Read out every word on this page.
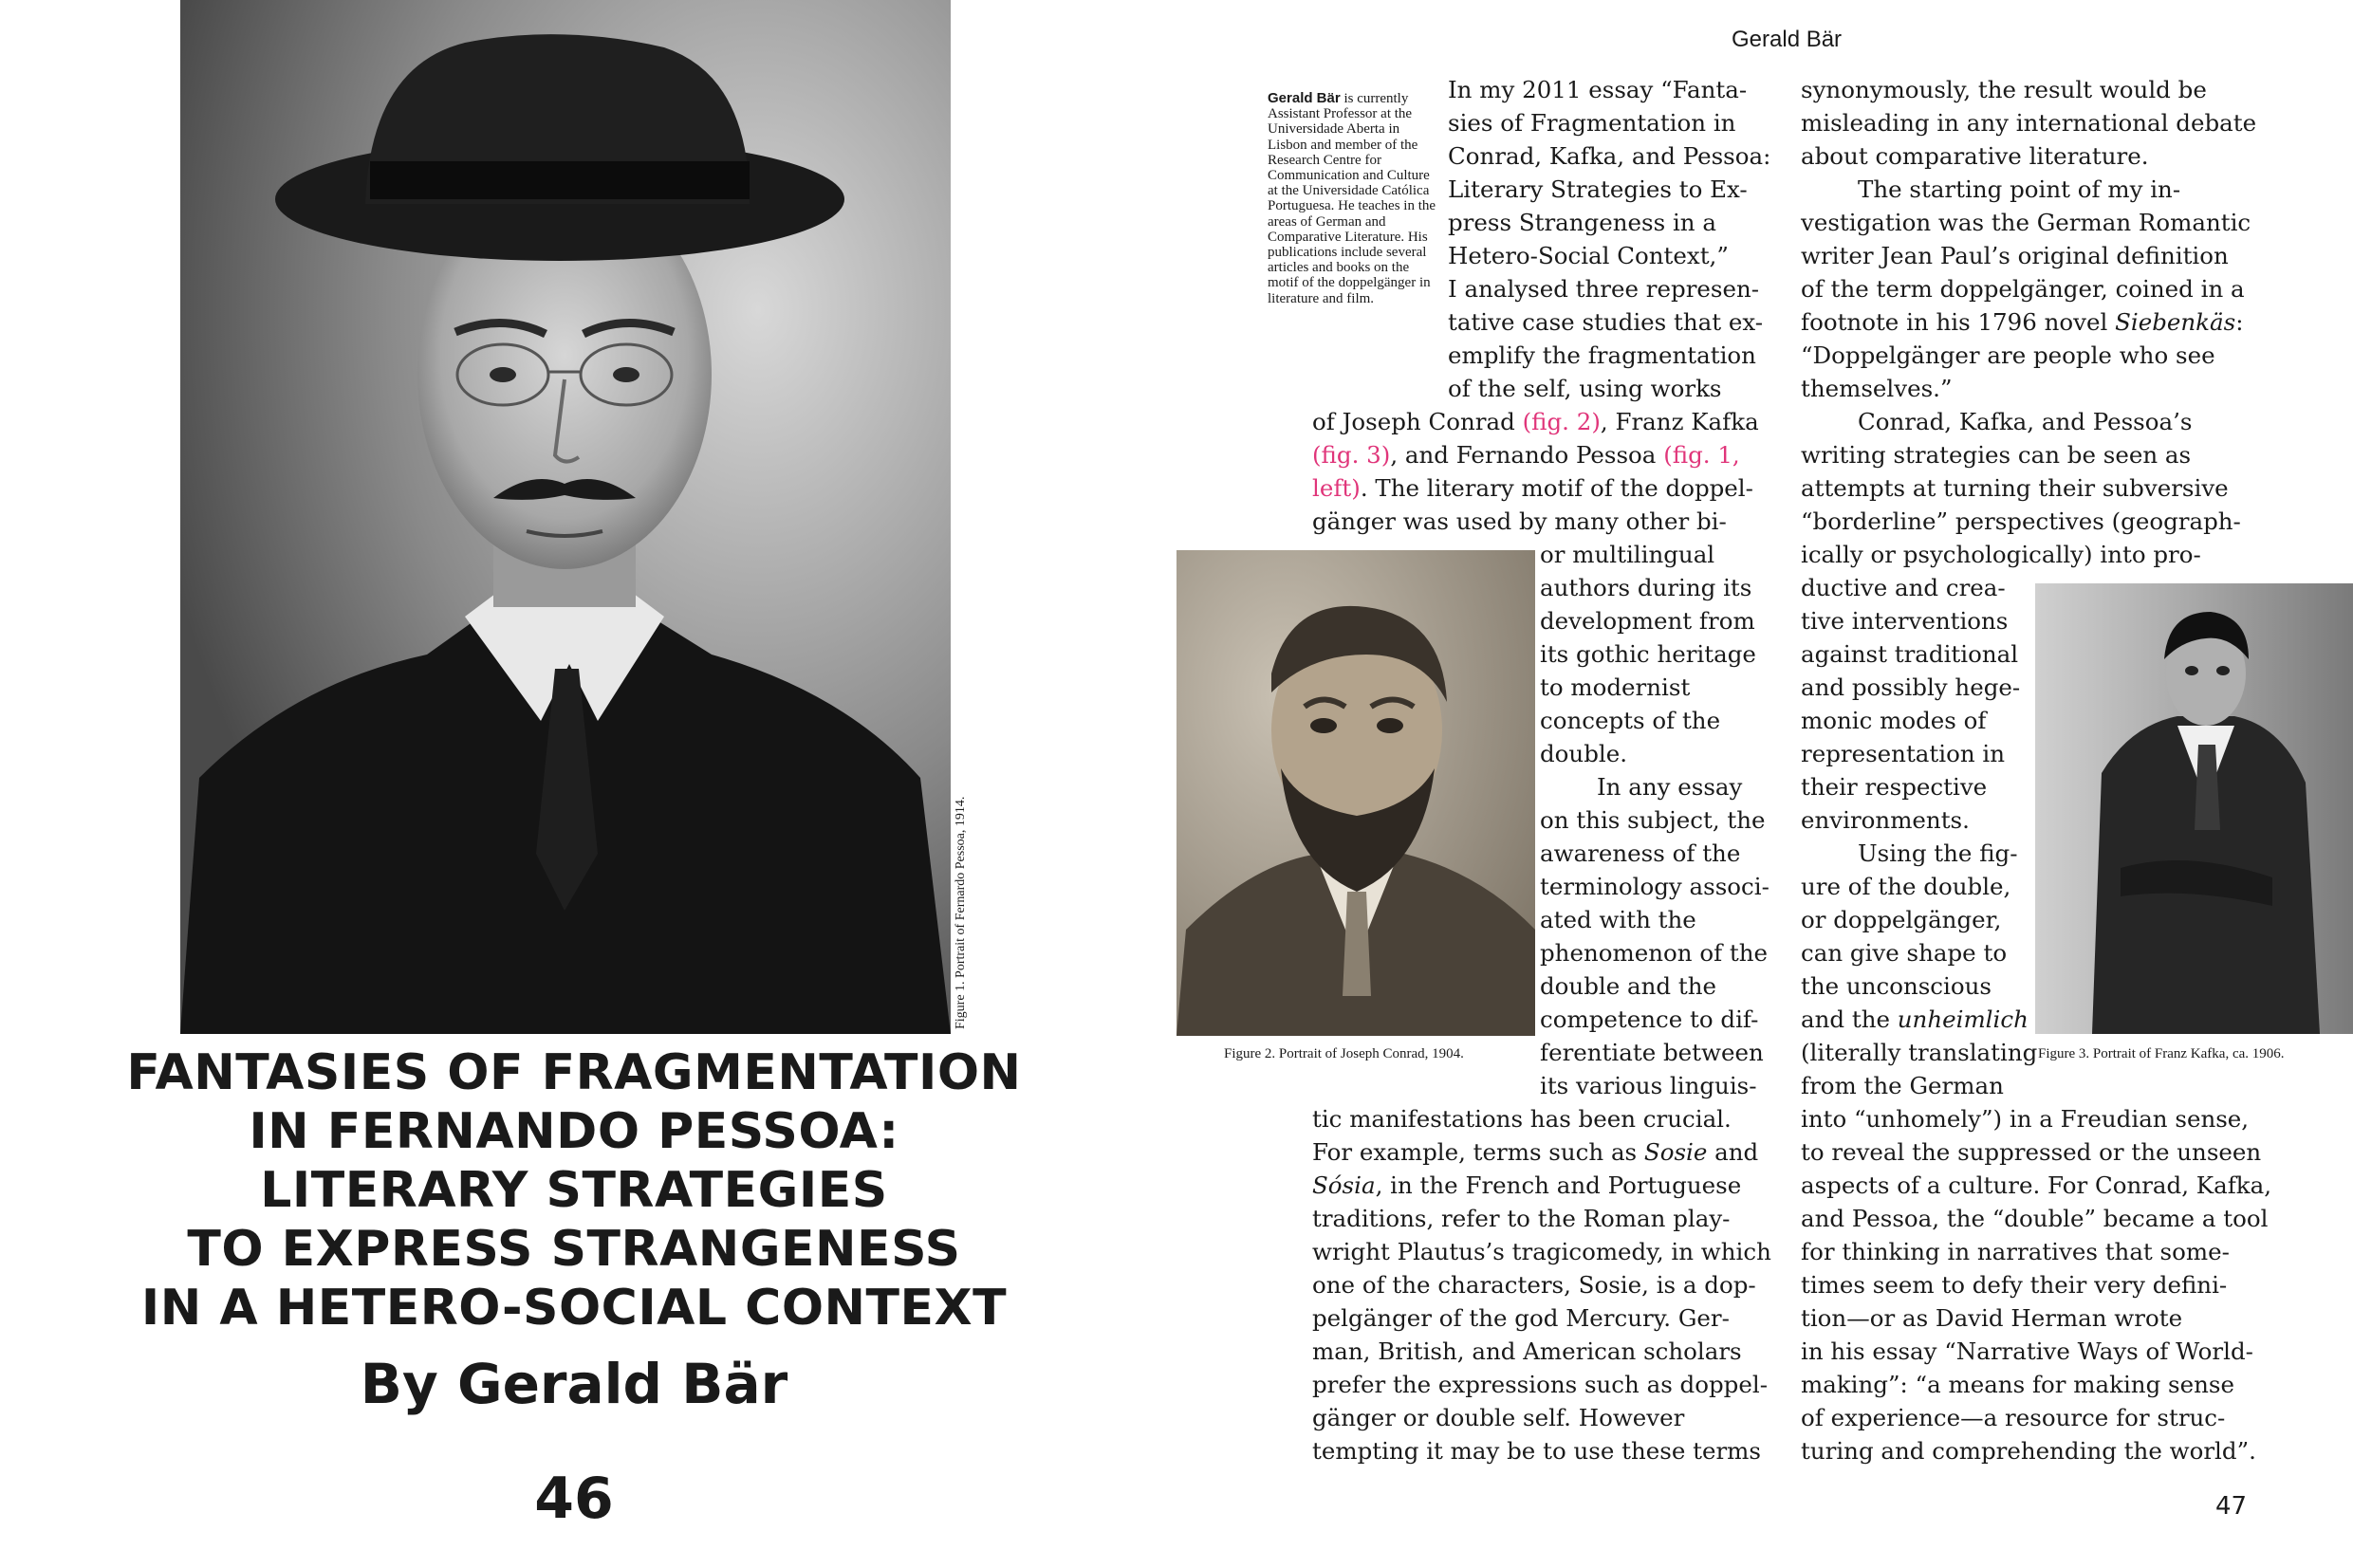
Figure 1. Portrait of Fernardo Pessoa, 1914.
FANTASIES OF FRAGMENTATION
IN FERNANDO PESSOA:
LITERARY STRATEGIES
TO EXPRESS STRANGENESS
IN A HETERO-SOCIAL CONTEXT
By Gerald Bär
46
Gerald Bär
47
Gerald Bär is currently Assistant Professor at the Universidade Aberta in Lisbon and member of the Research Centre for Communication and Culture at the Universidade Católica Portuguesa. He teaches in the areas of German and Comparative Literature. His publications include several articles and books on the motif of the doppelgänger in literature and film.
Figure 2. Portrait of Joseph Conrad, 1904.	Figure 3. Portrait of Franz Kafka, ca. 1906.
In my 2011 essay “Fanta-
sies of Fragmentation in
Conrad, Kafka, and Pessoa:
Literary Strategies to Ex-
press Strangeness in a
Hetero-Social Context,”
I analysed three represen-
tative case studies that ex-
emplify the fragmentation
of the self, using works
of Joseph Conrad (fig. 2), Franz Kafka
(fig. 3), and Fernando Pessoa (fig. 1,
left). The literary motif of the doppel-
gänger was used by many other bi-
or multilingual
authors during its
development from
its gothic heritage
to modernist
concepts of the
double.
In any essay
on this subject, the
awareness of the
terminology associ-
ated with the
phenomenon of the
double and the
competence to dif-
ferentiate between
its various linguis-
tic manifestations has been crucial.
For example, terms such as Sosie and
Sósia, in the French and Portuguese
traditions, refer to the Roman play-
wright Plautus’s tragicomedy, in which
one of the characters, Sosie, is a dop-
pelgänger of the god Mercury. Ger-
man, British, and American scholars
prefer the expressions such as doppel-
gänger or double self. However
tempting it may be to use these terms
synonymously, the result would be
misleading in any international debate
about comparative literature.
The starting point of my in-
vestigation was the German Romantic
writer Jean Paul’s original definition
of the term doppelgänger, coined in a
footnote in his 1796 novel Siebenkäs:
“Doppelgänger are people who see
themselves.”
Conrad, Kafka, and Pessoa’s
writing strategies can be seen as
attempts at turning their subversive
“borderline” perspectives (geograph-
ically or psychologically) into pro-
ductive and crea-
tive interventions
against traditional
and possibly hege-
monic modes of
representation in
their respective
environments.
Using the fig-
ure of the double,
or doppelgänger,
can give shape to
the unconscious
and the unheimlich
(literally translating
from the German
into “unhomely”) in a Freudian sense,
to reveal the suppressed or the unseen
aspects of a culture. For Conrad, Kafka,
and Pessoa, the “double” became a tool
for thinking in narratives that some-
times seem to defy their very defini-
tion—or as David Herman wrote
in his essay “Narrative Ways of World-
making”: “a means for making sense
of experience—a resource for struc-
turing and comprehending the world”.
